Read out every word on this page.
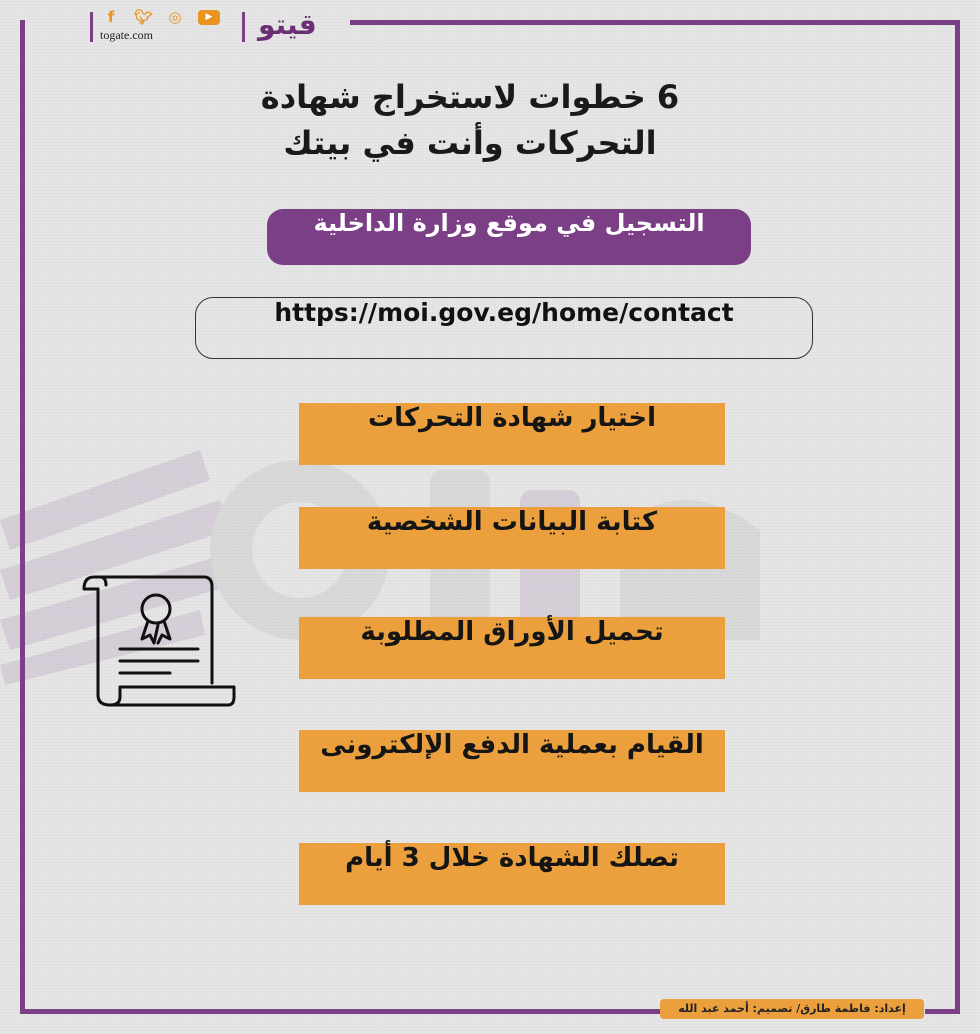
f	🐦︎ ◎	▶
togate.com	قيتو
6 خطوات لاستخراج شهادة
التحركات وأنت في بيتك
التسجيل في موقع وزارة الداخلية
https://moi.gov.eg/home/contact
اختيار شهادة التحركات
كتابة البيانات الشخصية
تحميل الأوراق المطلوبة
القيام بعملية الدفع الإلكترونى
تصلك الشهادة خلال 3 أيام
إعداد: فاطمة طارق/ تصميم: أحمد عبد الله
